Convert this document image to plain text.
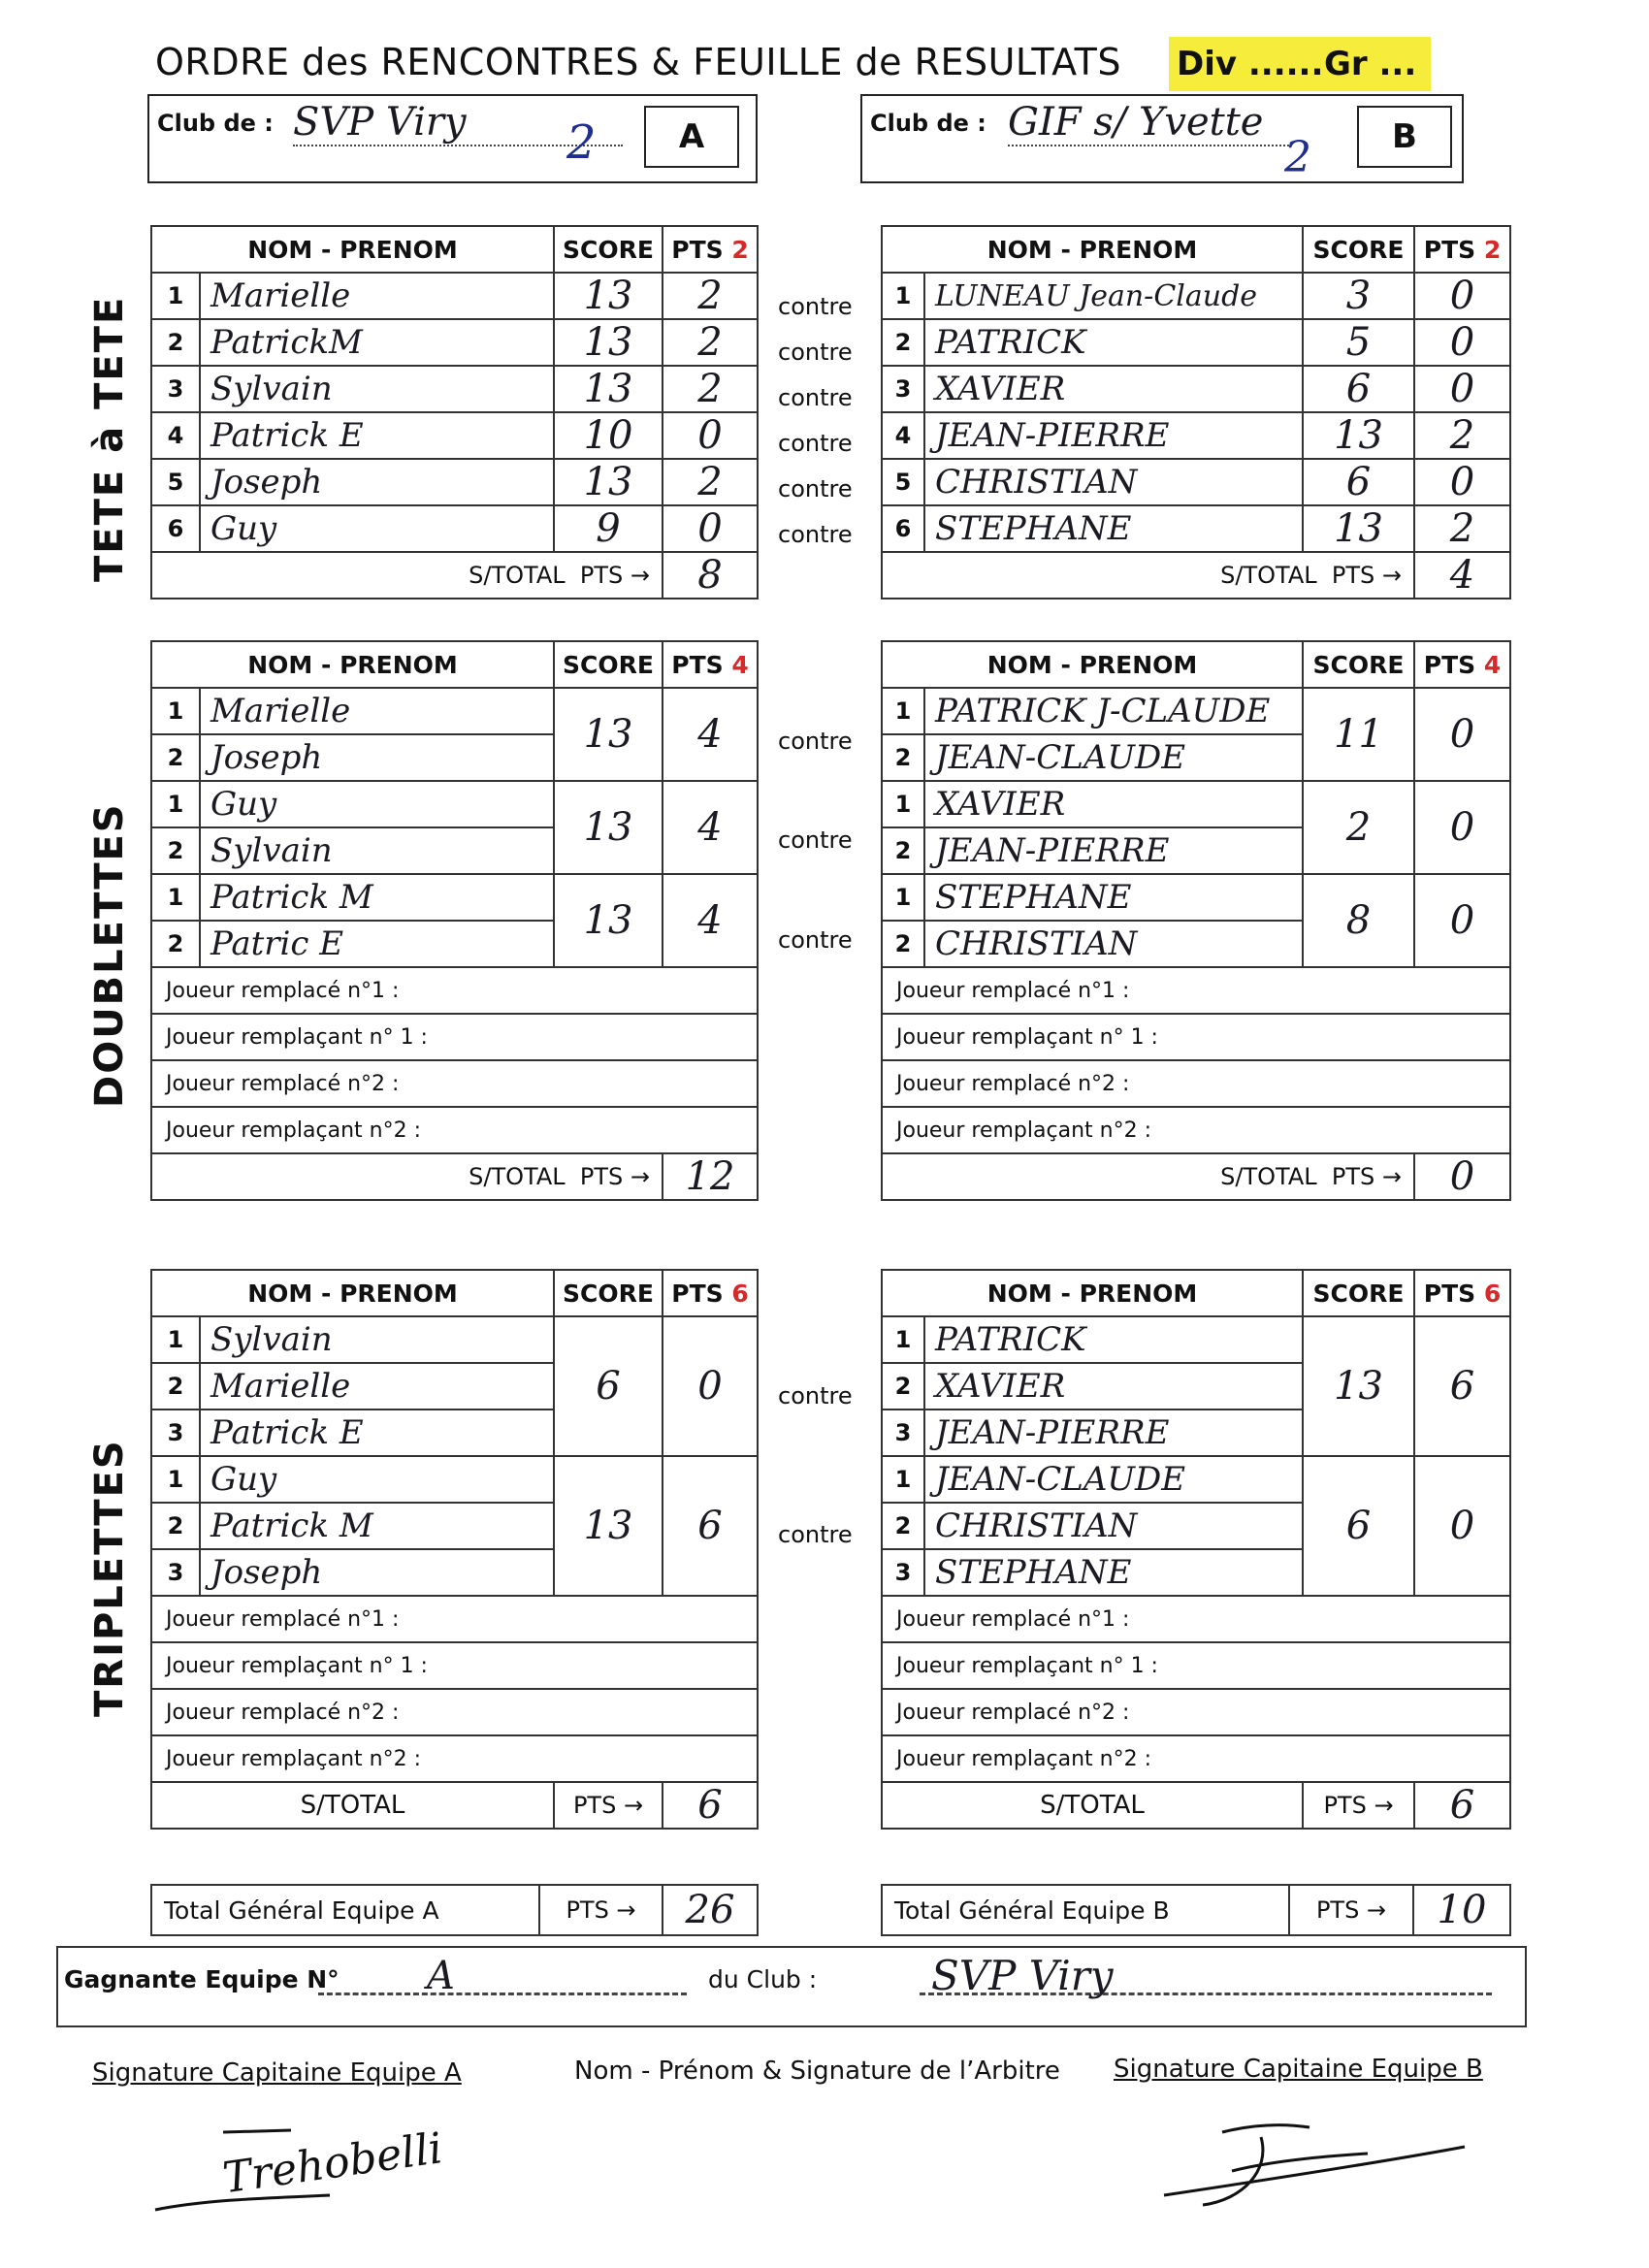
ORDRE des RENCONTRES & FEUILLE de RESULTATS Div ...... Gr ...
Club de : SVP Viry	2	A	Club de : GIF s/ Yvette
2	B
TETE à TETE
DOUBLETTES
TRIPLETTES
NOM - PRENOM		SCORE	PTS 2
1	Marielle	13	2
2	PatrickM	13	2
3	Sylvain	13	2
4	Patrick E	10	0
5	Joseph	13	2
6	Guy	9	0
S/TOTAL PTS →			8
contre
contre
contre
contre
contre
contre
NOM - PRENOM		SCORE	PTS 2
1	LUNEAU Jean-Claude	3	0
2	PATRICK	5	0
3	XAVIER	6	0
4	JEAN-PIERRE	13	2
5	CHRISTIAN	6	0
6	STEPHANE	13	2
S/TOTAL PTS →			4
NOM - PRENOM		SCORE	PTS 4
1	Marielle	13	4
2	Joseph		
1	Guy	13	4
2	Sylvain		
1	Patrick M	13	4
2	Patric E		
Joueur remplacé n°1 :			
Joueur remplaçant n° 1 :			
Joueur remplacé n°2 :			
Joueur remplaçant n°2 :			
S/TOTAL PTS →			12
contre
contre
contre
NOM - PRENOM		SCORE	PTS 4
1	PATRICK J-CLAUDE	11	0
2	JEAN-CLAUDE		
1	XAVIER	2	0
2	JEAN-PIERRE		
1	STEPHANE	8	0
2	CHRISTIAN		
Joueur remplacé n°1 :			
Joueur remplaçant n° 1 :			
Joueur remplacé n°2 :			
Joueur remplaçant n°2 :			
S/TOTAL PTS →			0
NOM - PRENOM		SCORE	PTS 6
1	Sylvain	6	0
2	Marielle		
3	Patrick E		
1	Guy	13	6
2	Patrick M		
3	Joseph		
Joueur remplacé n°1 :			
Joueur remplaçant n° 1 :			
Joueur remplacé n°2 :			
Joueur remplaçant n°2 :			
S/TOTAL		PTS →	6
contre
contre
NOM - PRENOM		SCORE	PTS 6
1	PATRICK	13	6
2	XAVIER		
3	JEAN-PIERRE		
1	JEAN-CLAUDE	6	0
2	CHRISTIAN		
3	STEPHANE		
Joueur remplacé n°1 :			
Joueur remplaçant n° 1 :			
Joueur remplacé n°2 :			
Joueur remplaçant n°2 :			
S/TOTAL		PTS →	6
Total Général Equipe A	PTS →	26	Total Général Equipe B	PTS →	10
Gagnante Equipe N° A	du Club :	SVP Viry
Signature Capitaine Equipe A	Nom - Prénom & Signature de l’Arbitre Signature Capitaine Equipe B
Trehobelli
